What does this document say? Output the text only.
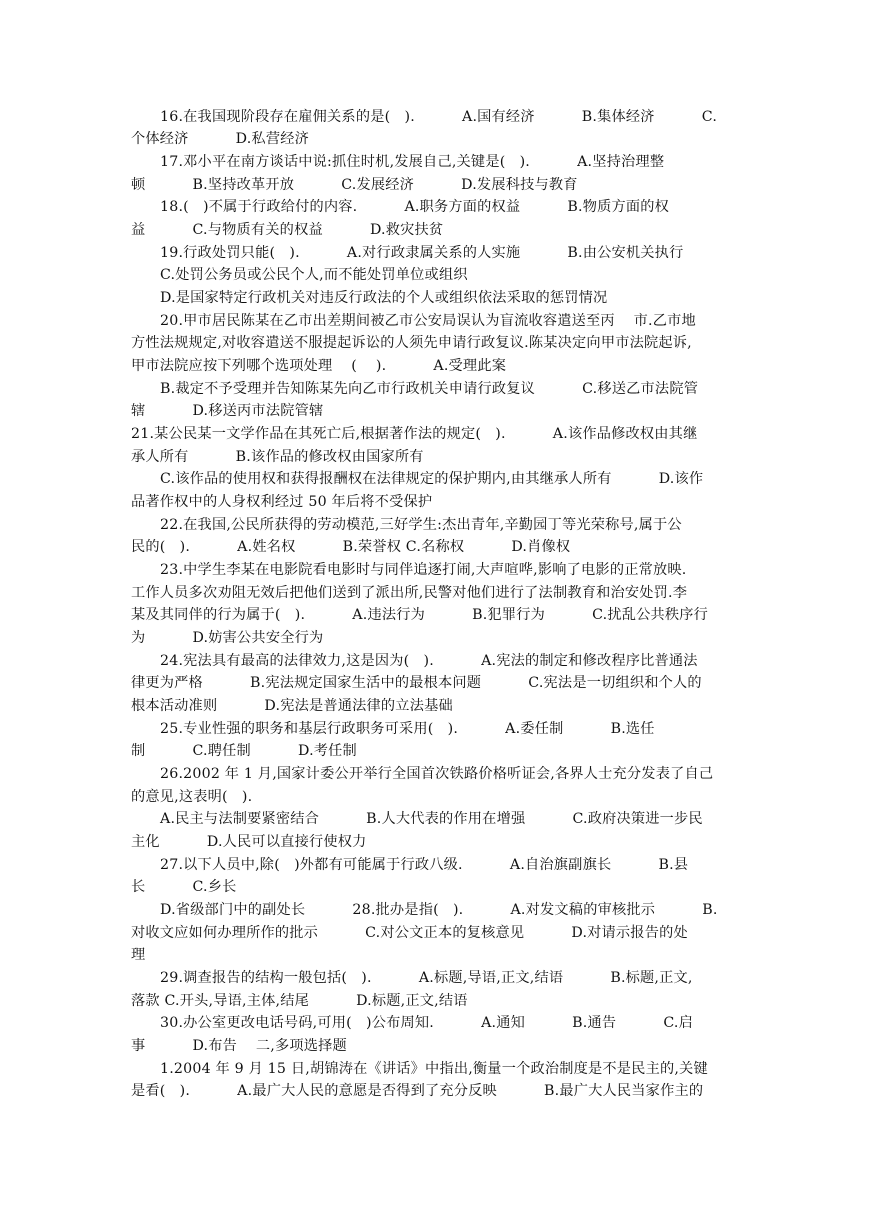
16.在我国现阶段存在雇佣关系的是(   ).          A.国有经济          B.集体经济          C.
个体经济          D.私营经济
17.邓小平在南方谈话中说:抓住时机,发展自己,关键是(   ).          A.坚持治理整
顿          B.坚持改革开放          C.发展经济          D.发展科技与教育
18.(   )不属于行政给付的内容.          A.职务方面的权益          B.物质方面的权
益          C.与物质有关的权益          D.救灾扶贫
19.行政处罚只能(   ).          A.对行政隶属关系的人实施          B.由公安机关执行
C.处罚公务员或公民个人,而不能处罚单位或组织
D.是国家特定行政机关对违反行政法的个人或组织依法采取的惩罚情况
20.甲市居民陈某在乙市出差期间被乙市公安局误认为盲流收容遣送至丙    市.乙市地
方性法规规定,对收容遣送不服提起诉讼的人须先申请行政复议.陈某决定向甲市法院起诉,
甲市法院应按下列哪个选项处理    (    ).          A.受理此案
B.裁定不予受理并告知陈某先向乙市行政机关申请行政复议          C.移送乙市法院管
辖          D.移送丙市法院管辖
21.某公民某一文学作品在其死亡后,根据著作法的规定(   ).          A.该作品修改权由其继
承人所有          B.该作品的修改权由国家所有
C.该作品的使用权和获得报酬权在法律规定的保护期内,由其继承人所有          D.该作
品著作权中的人身权利经过 50 年后将不受保护
22.在我国,公民所获得的劳动模范,三好学生:杰出青年,辛勤园丁等光荣称号,属于公
民的(   ).          A.姓名权          B.荣誉权 C.名称权          D.肖像权
23.中学生李某在电影院看电影时与同伴追逐打闹,大声喧哗,影响了电影的正常放映.
工作人员多次劝阻无效后把他们送到了派出所,民警对他们进行了法制教育和治安处罚.李
某及其同伴的行为属于(   ).          A.违法行为          B.犯罪行为          C.扰乱公共秩序行
为          D.妨害公共安全行为
24.宪法具有最高的法律效力,这是因为(   ).          A.宪法的制定和修改程序比普通法
律更为严格          B.宪法规定国家生活中的最根本问题          C.宪法是一切组织和个人的
根本活动准则          D.宪法是普通法律的立法基础
25.专业性强的职务和基层行政职务可采用(   ).          A.委任制          B.选任
制          C.聘任制          D.考任制
26.2002 年 1 月,国家计委公开举行全国首次铁路价格听证会,各界人士充分发表了自己
的意见,这表明(   ).
A.民主与法制要紧密结合          B.人大代表的作用在增强          C.政府决策进一步民
主化          D.人民可以直接行使权力
27.以下人员中,除(   )外都有可能属于行政八级.          A.自治旗副旗长          B.县
长          C.乡长
D.省级部门中的副处长          28.批办是指(   ).          A.对发文稿的审核批示          B.
对收文应如何办理所作的批示          C.对公文正本的复核意见          D.对请示报告的处
理
29.调查报告的结构一般包括(   ).          A.标题,导语,正文,结语          B.标题,正文,
落款 C.开头,导语,主体,结尾          D.标题,正文,结语
30.办公室更改电话号码,可用(   )公布周知.          A.通知          B.通告          C.启
事          D.布告    二,多项选择题
1.2004 年 9 月 15 日,胡锦涛在《讲话》中指出,衡量一个政治制度是不是民主的,关键
是看(   ).          A.最广大人民的意愿是否得到了充分反映          B.最广大人民当家作主的
